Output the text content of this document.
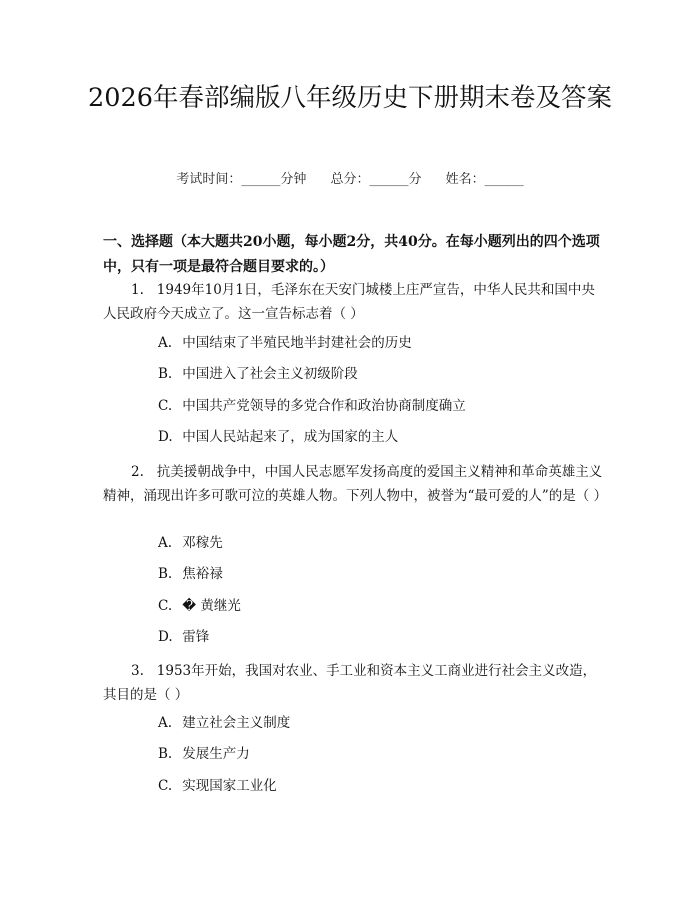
2026年春部编版八年级历史下册期末卷及答案
考试时间：______分钟 总分：______分 姓名：______
一、选择题（本大题共20小题，每小题2分，共40分。在每小题列出的四个选项中，只有一项是最符合题目要求的。）
1. 1949年10月1日，毛泽东在天安门城楼上庄严宣告，中华人民共和国中央人民政府今天成立了。这一宣告标志着（ ）
A. 中国结束了半殖民地半封建社会的历史
B. 中国进入了社会主义初级阶段
C. 中国共产党领导的多党合作和政治协商制度确立
D. 中国人民站起来了，成为国家的主人
2. 抗美援朝战争中，中国人民志愿军发扬高度的爱国主义精神和革命英雄主义精神，涌现出许多可歌可泣的英雄人物。下列人物中，被誉为“最可爱的人”的是（ ）
A. 邓稼先
B. 焦裕禄
C. � 黄继光
D. 雷锋
3. 1953年开始，我国对农业、手工业和资本主义工商业进行社会主义改造，其目的是（ ）
A. 建立社会主义制度
B. 发展生产力
C. 实现国家工业化
